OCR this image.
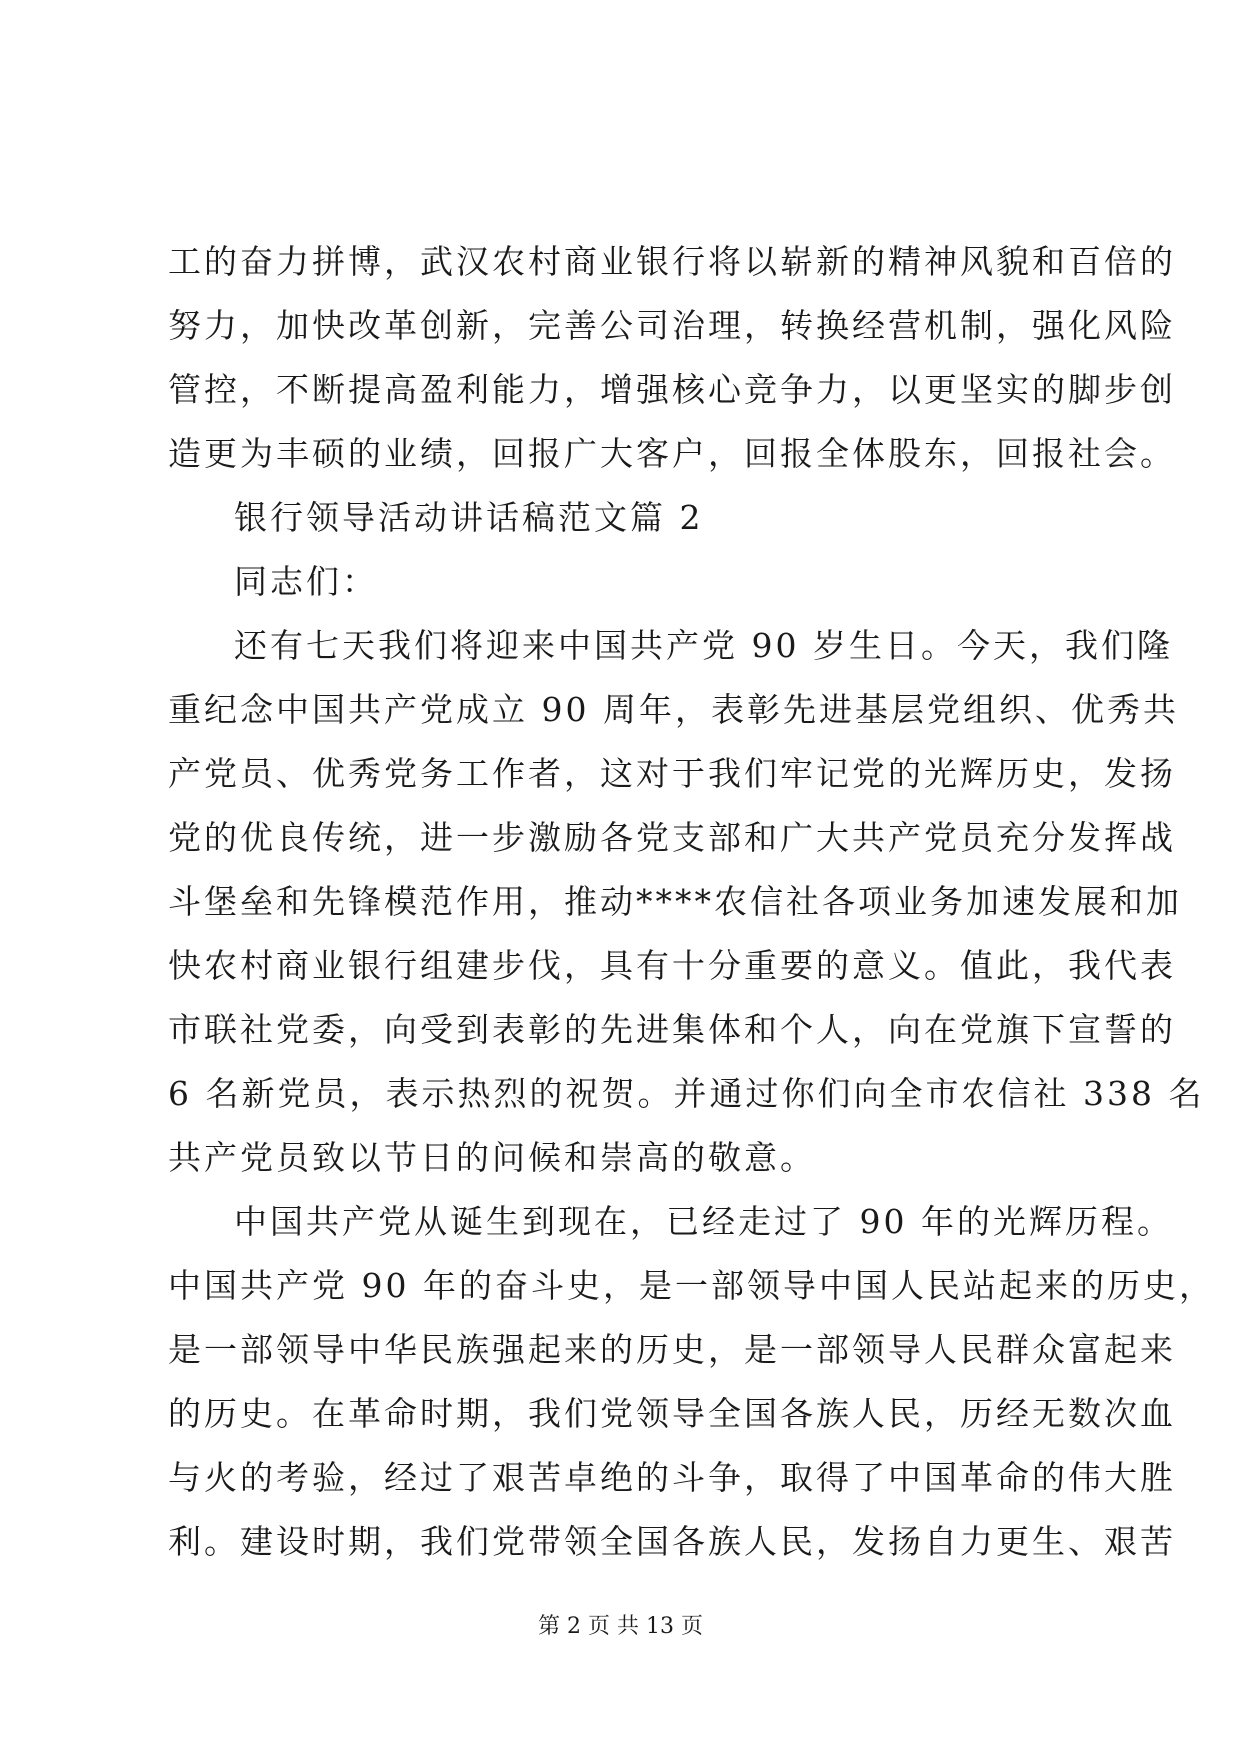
工的奋力拼博，武汉农村商业银行将以崭新的精神风貌和百倍的
努力，加快改革创新，完善公司治理，转换经营机制，强化风险
管控，不断提高盈利能力，增强核心竞争力，以更坚实的脚步创
造更为丰硕的业绩，回报广大客户，回报全体股东，回报社会。
银行领导活动讲话稿范文篇 2
同志们：
还有七天我们将迎来中国共产党 90 岁生日。今天，我们隆
重纪念中国共产党成立 90 周年，表彰先进基层党组织、优秀共
产党员、优秀党务工作者，这对于我们牢记党的光辉历史，发扬
党的优良传统，进一步激励各党支部和广大共产党员充分发挥战
斗堡垒和先锋模范作用，推动****农信社各项业务加速发展和加
快农村商业银行组建步伐，具有十分重要的意义。值此，我代表
市联社党委，向受到表彰的先进集体和个人，向在党旗下宣誓的
6 名新党员，表示热烈的祝贺。并通过你们向全市农信社 338 名
共产党员致以节日的问候和崇高的敬意。
中国共产党从诞生到现在，已经走过了 90 年的光辉历程。
中国共产党 90 年的奋斗史，是一部领导中国人民站起来的历史，
是一部领导中华民族强起来的历史，是一部领导人民群众富起来
的历史。在革命时期，我们党领导全国各族人民，历经无数次血
与火的考验，经过了艰苦卓绝的斗争，取得了中国革命的伟大胜
利。建设时期，我们党带领全国各族人民，发扬自力更生、艰苦
第 2 页 共 13 页
